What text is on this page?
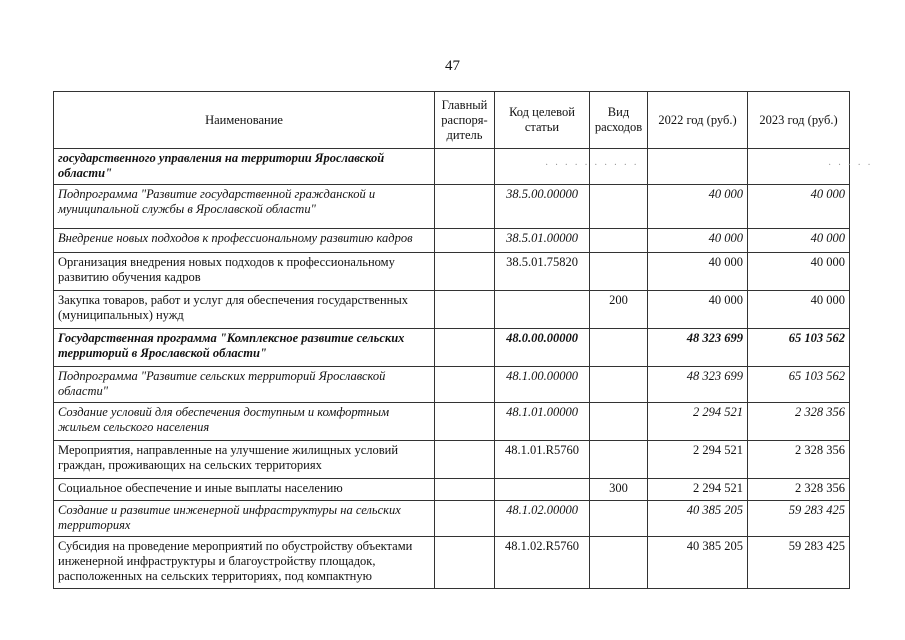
47
Наименование	Главный распоря-дитель	Код целевой статьи	Вид расходов	2022 год (руб.)	2023 год (руб.)
государственного управления на территории Ярославской области"					
Подпрограмма "Развитие государственной гражданской и муниципальной службы в Ярославской области"		38.5.00.00000		40 000	40 000
Внедрение новых подходов к профессиональному развитию кадров		38.5.01.00000		40 000	40 000
Организация внедрения новых подходов к профессиональному развитию обучения кадров		38.5.01.75820		40 000	40 000
Закупка товаров, работ и услуг для обеспечения государственных (муниципальных) нужд			200	40 000	40 000
Государственная программа "Комплексное развитие сельских территорий в Ярославской области"		48.0.00.00000		48 323 699	65 103 562
Подпрограмма "Развитие сельских территорий Ярославской области"		48.1.00.00000		48 323 699	65 103 562
Создание условий для обеспечения доступным и комфортным жильем сельского населения		48.1.01.00000		2 294 521	2 328 356
Мероприятия, направленные на улучшение жилищных условий граждан, проживающих на сельских территориях		48.1.01.R5760		2 294 521	2 328 356
Социальное обеспечение и иные выплаты населению			300	2 294 521	2 328 356
Создание и развитие инженерной инфраструктуры на сельских территориях		48.1.02.00000		40 385 205	59 283 425
Субсидия на проведение мероприятий по обустройству объектами инженерной инфраструктуры и благоустройству площадок, расположенных на сельских территориях, под компактную		48.1.02.R5760		40 385 205	59 283 425
· · · · · · · · · ·	· · · · ·
